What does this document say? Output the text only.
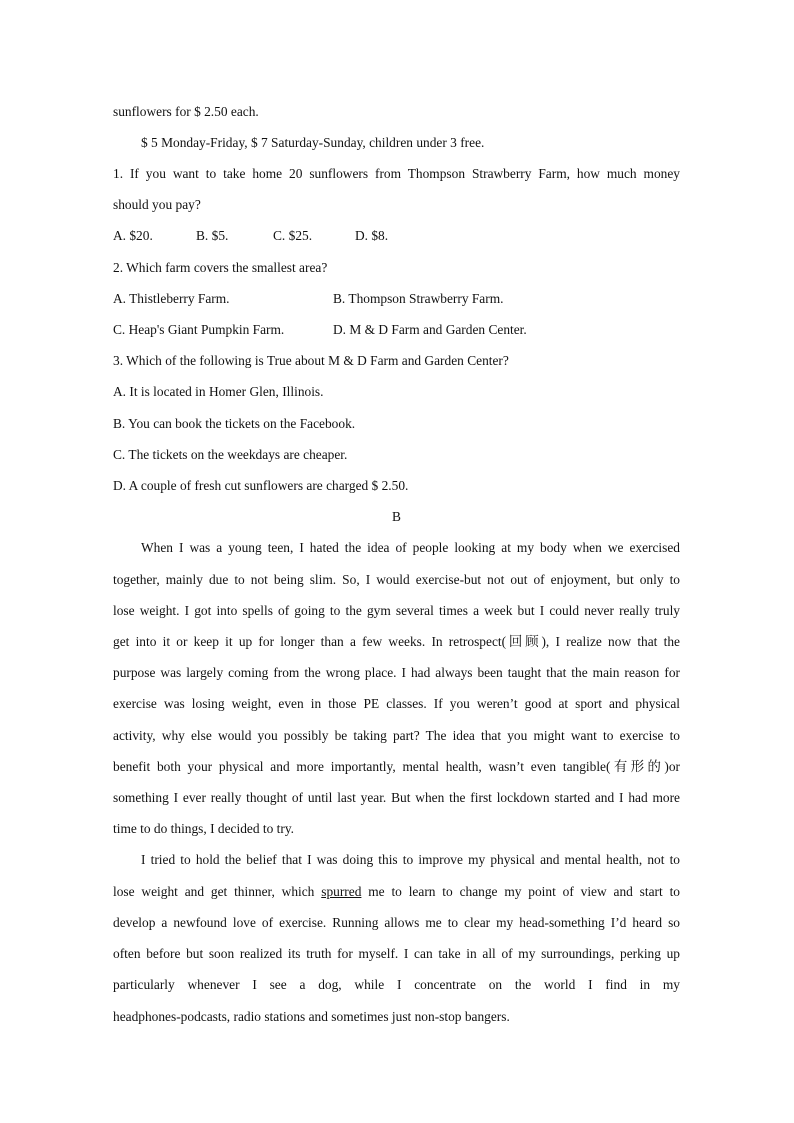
sunflowers for $ 2.50 each.
$ 5 Monday-Friday, $ 7 Saturday-Sunday, children under 3 free.
1. If you want to take home 20 sunflowers from Thompson Strawberry Farm, how much money
should you pay?
A. $20.	B. $5.	C. $25.	D. $8.
2. Which farm covers the smallest area?
A. Thistleberry Farm.	B. Thompson Strawberry Farm.
C. Heap's Giant Pumpkin Farm.	D. M & D Farm and Garden Center.
3. Which of the following is True about M & D Farm and Garden Center?
A. It is located in Homer Glen, Illinois.
B. You can book the tickets on the Facebook.
C. The tickets on the weekdays are cheaper.
D. A couple of fresh cut sunflowers are charged $ 2.50.
B
When I was a young teen, I hated the idea of people looking at my body when we exercised
together, mainly due to not being slim. So, I would exercise-but not out of enjoyment, but only to
lose weight. I got into spells of going to the gym several times a week but I could never really truly
get into it or keep it up for longer than a few weeks. In retrospect(回顾), I realize now that the
purpose was largely coming from the wrong place. I had always been taught that the main reason for
exercise was losing weight, even in those PE classes. If you weren’t good at sport and physical
activity, why else would you possibly be taking part? The idea that you might want to exercise to
benefit both your physical and more importantly, mental health, wasn’t even tangible(有形的)or
something I ever really thought of until last year. But when the first lockdown started and I had more
time to do things, I decided to try.
I tried to hold the belief that I was doing this to improve my physical and mental health, not to
lose weight and get thinner, which spurred me to learn to change my point of view and start to
develop a newfound love of exercise. Running allows me to clear my head-something I’d heard so
often before but soon realized its truth for myself. I can take in all of my surroundings, perking up
particularly whenever I see a dog, while I concentrate on the world I find in my
headphones-podcasts, radio stations and sometimes just non-stop bangers.
